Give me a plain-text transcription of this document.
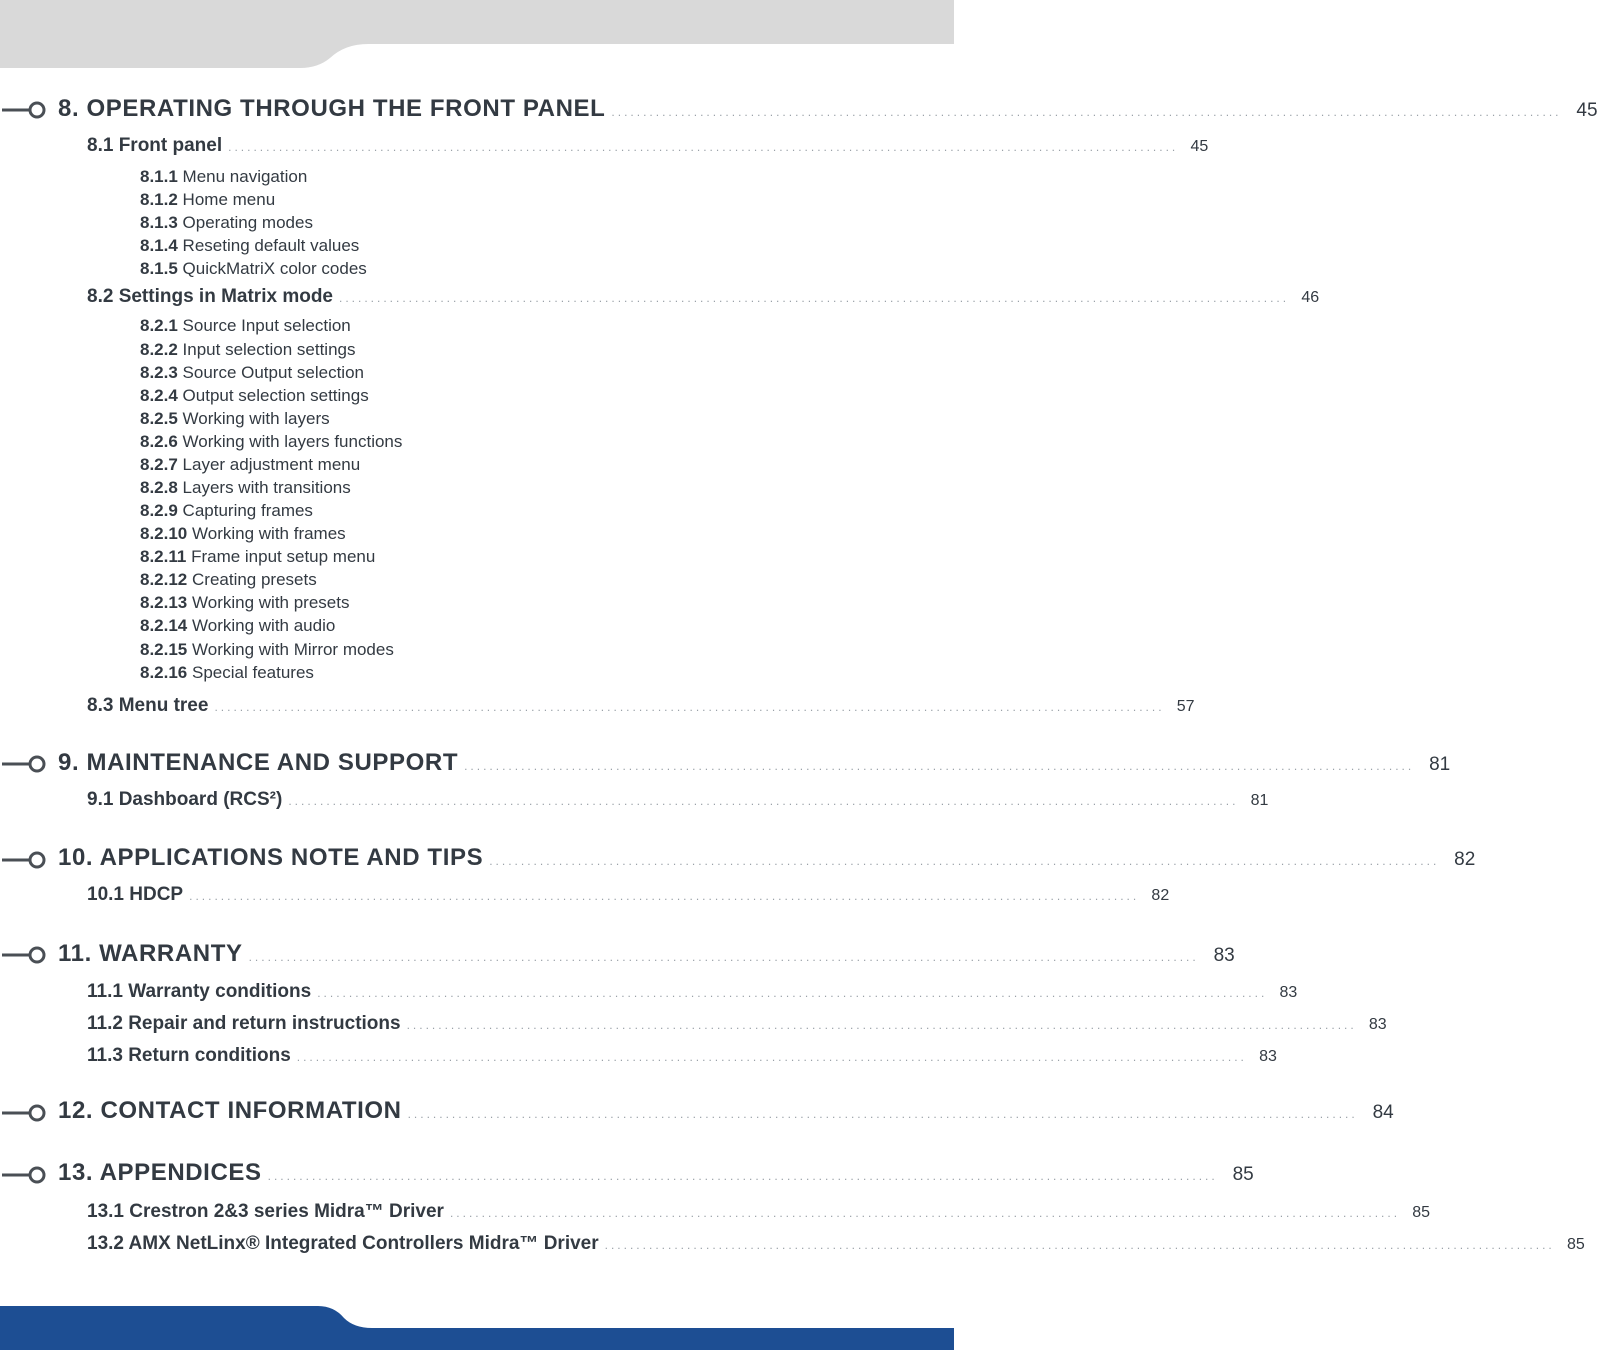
8. OPERATING THROUGH THE FRONT PANEL ...................................................................................................................................................... 45
8.1 Front panel ...................................................................................................................................................... 45
8.1.1 Menu navigation
8.1.2 Home menu
8.1.3 Operating modes
8.1.4 Reseting default values
8.1.5 QuickMatriX color codes
8.2 Settings in Matrix mode ...................................................................................................................................................... 46
8.2.1 Source Input selection
8.2.2 Input selection settings
8.2.3 Source Output selection
8.2.4 Output selection settings
8.2.5 Working with layers
8.2.6 Working with layers functions
8.2.7 Layer adjustment menu
8.2.8 Layers with transitions
8.2.9 Capturing frames
8.2.10 Working with frames
8.2.11 Frame input setup menu
8.2.12 Creating presets
8.2.13 Working with presets
8.2.14 Working with audio
8.2.15 Working with Mirror modes
8.2.16 Special features
8.3 Menu tree ...................................................................................................................................................... 57
9. MAINTENANCE AND SUPPORT ...................................................................................................................................................... 81
9.1 Dashboard (RCS²) ...................................................................................................................................................... 81
10. APPLICATIONS NOTE AND TIPS ...................................................................................................................................................... 82
10.1 HDCP ...................................................................................................................................................... 82
11. WARRANTY ...................................................................................................................................................... 83
11.1 Warranty conditions ...................................................................................................................................................... 83
11.2 Repair and return instructions ...................................................................................................................................................... 83
11.3 Return conditions ...................................................................................................................................................... 83
12. CONTACT INFORMATION ...................................................................................................................................................... 84
13. APPENDICES ...................................................................................................................................................... 85
13.1 Crestron 2&3 series Midra™ Driver ...................................................................................................................................................... 85
13.2 AMX NetLinx® Integrated Controllers Midra™ Driver ...................................................................................................................................................... 85
